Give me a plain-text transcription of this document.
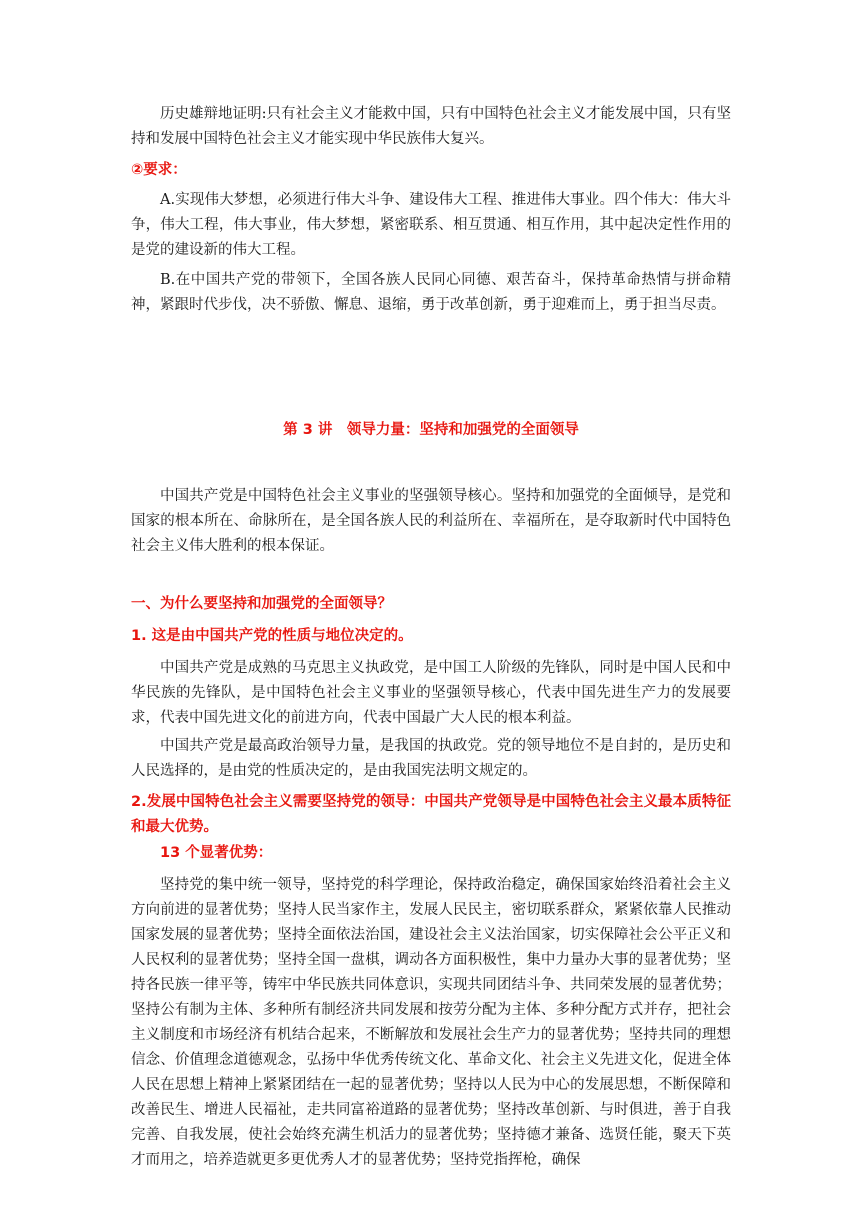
历史雄辩地证明:只有社会主义才能救中国，只有中国特色社会主义才能发展中国，只有坚持和发展中国特色社会主义才能实现中华民族伟大复兴。

②要求：

A.实现伟大梦想，必须进行伟大斗争、建设伟大工程、推进伟大事业。四个伟大：伟大斗争，伟大工程，伟大事业，伟大梦想，紧密联系、相互贯通、相互作用，其中起决定性作用的是党的建设新的伟大工程。

B.在中国共产党的带领下，全国各族人民同心同德、艰苦奋斗，保持革命热情与拼命精神，紧跟时代步伐，决不骄傲、懈息、退缩，勇于改革创新，勇于迎难而上，勇于担当尽责。

第 3 讲　领导力量：坚持和加强党的全面领导

中国共产党是中国特色社会主义事业的坚强领导核心。坚持和加强党的全面倾导，是党和国家的根本所在、命脉所在，是全国各族人民的利益所在、幸福所在，是夺取新时代中国特色社会主义伟大胜利的根本保证。

一、为什么要坚持和加强党的全面领导？

1. 这是由中国共产党的性质与地位决定的。

中国共产党是成熟的马克思主义执政党，是中国工人阶级的先锋队，同时是中国人民和中华民族的先锋队，是中国特色社会主义事业的坚强领导核心，代表中国先进生产力的发展要求，代表中国先进文化的前进方向，代表中国最广大人民的根本利益。

中国共产党是最高政治领导力量，是我国的执政党。党的领导地位不是自封的，是历史和人民选择的，是由党的性质决定的，是由我国宪法明文规定的。

2.发展中国特色社会主义需要坚持党的领导：中国共产党领导是中国特色社会主义最本质特征和最大优势。

13 个显著优势：

坚持党的集中统一领导，坚持党的科学理论，保持政治稳定，确保国家始终沿着社会主义方向前进的显著优势；坚持人民当家作主，发展人民民主，密切联系群众，紧紧依靠人民推动国家发展的显著优势；坚持全面依法治国，建设社会主义法治国家，切实保障社会公平正义和人民权利的显著优势；坚持全国一盘棋，调动各方面积极性，集中力量办大事的显著优势；坚持各民族一律平等，铸牢中华民族共同体意识，实现共同团结斗争、共同荣发展的显著优势；坚持公有制为主体、多种所有制经济共同发展和按劳分配为主体、多种分配方式并存，把社会主义制度和市场经济有机结合起来，不断解放和发展社会生产力的显著优势；坚持共同的理想信念、价值理念道德观念，弘扬中华优秀传统文化、革命文化、社会主义先进文化，促进全体人民在思想上精神上紧紧团结在一起的显著优势；坚持以人民为中心的发展思想，不断保障和改善民生、增进人民福祉，走共同富裕道路的显著优势；坚持改革创新、与时俱进，善于自我完善、自我发展，使社会始终充满生机活力的显著优势；坚持德才兼备、选贤任能，聚天下英才而用之，培养造就更多更优秀人才的显著优势；坚持党指挥枪，确保
